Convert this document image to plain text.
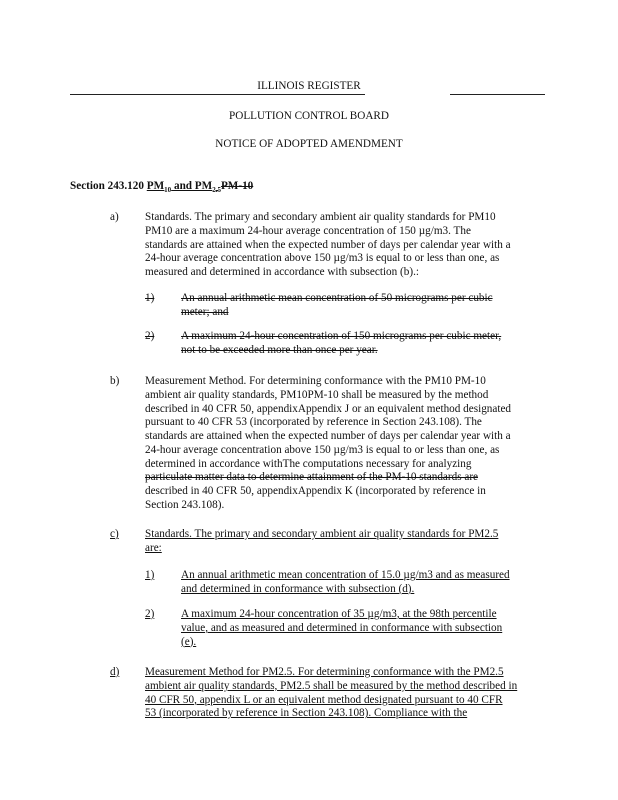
ILLINOIS REGISTER
POLLUTION CONTROL BOARD
NOTICE OF ADOPTED AMENDMENT
Section 243.120 $PM_{10}$ and $PM_{2.5}PM-10$
a)	Standards. The primary and secondary ambient air quality standards for PM10
PM10 are a maximum 24-hour average concentration of 150 µg/m3. The
standards are attained when the expected number of days per calendar year with a
24-hour average concentration above 150 µg/m3 is equal to or less than one, as
measured and determined in accordance with subsection (b).:
1)	An annual arithmetic mean concentration of 50 micrograms per cubic
meter; and
2)	A maximum 24-hour concentration of 150 micrograms per cubic meter,
not to be exceeded more than once per year.
b)	Measurement Method. For determining conformance with the PM10 PM-10
ambient air quality standards, PM10PM-10 shall be measured by the method
described in 40 CFR 50, appendixAppendix J or an equivalent method designated
pursuant to 40 CFR 53 (incorporated by reference in Section 243.108). The
standards are attained when the expected number of days per calendar year with a
24-hour average concentration above 150 µg/m3 is equal to or less than one, as
determined in accordance withThe computations necessary for analyzing
particulate matter data to determine attainment of the PM-10 standards are
described in 40 CFR 50, appendixAppendix K (incorporated by reference in
Section 243.108).
c)	Standards. The primary and secondary ambient air quality standards for PM2.5
are:
1)	An annual arithmetic mean concentration of 15.0 µg/m3 and as measured
and determined in conformance with subsection (d).
2)	A maximum 24-hour concentration of 35 µg/m3, at the 98th percentile
value, and as measured and determined in conformance with subsection
(e).
d)	Measurement Method for PM2.5. For determining conformance with the PM2.5
ambient air quality standards, PM2.5 shall be measured by the method described in
40 CFR 50, appendix L or an equivalent method designated pursuant to 40 CFR
53 (incorporated by reference in Section 243.108). Compliance with the
